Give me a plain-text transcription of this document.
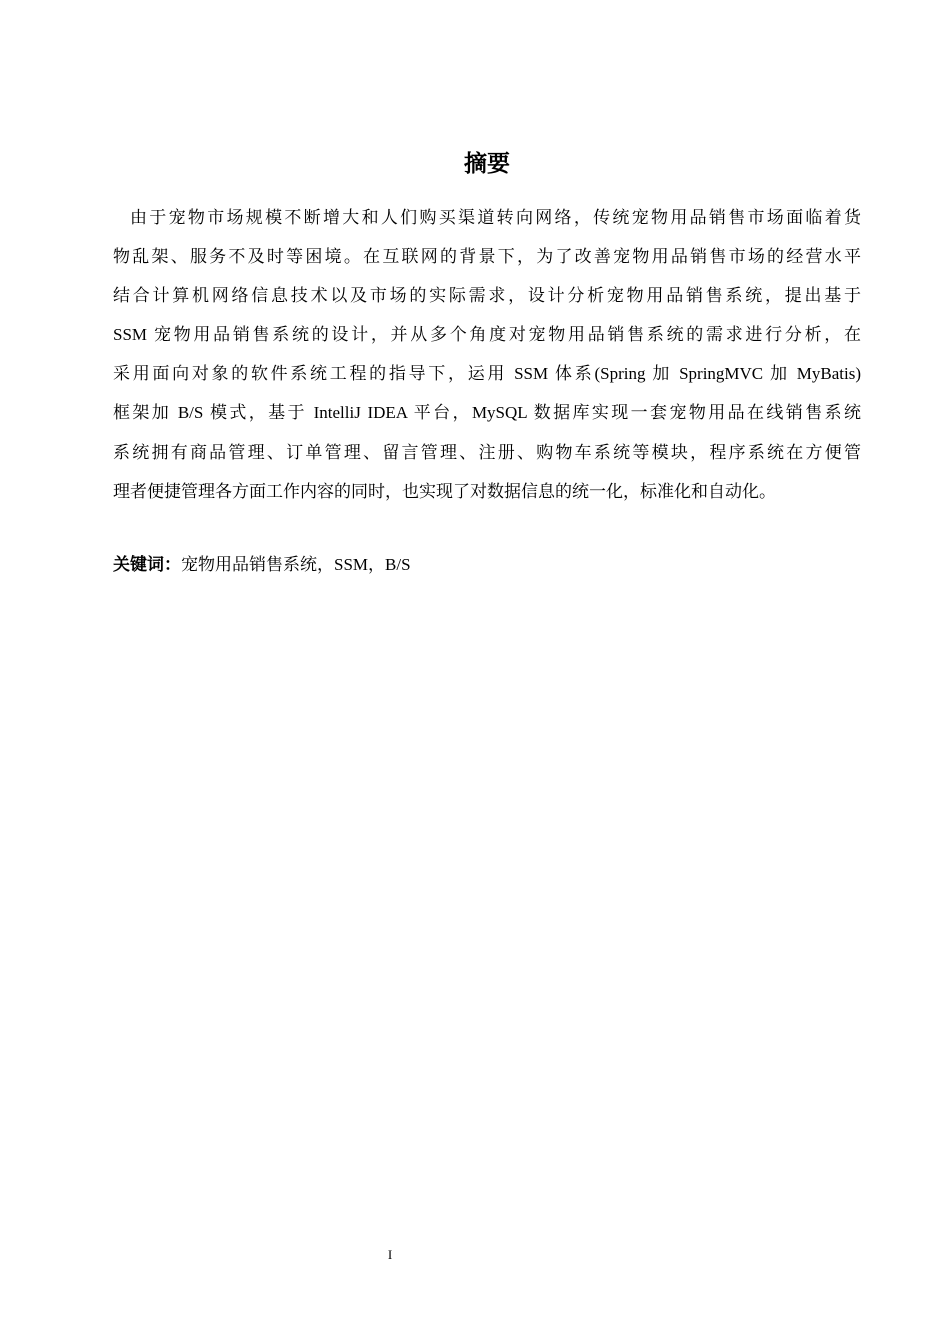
摘要
由于宠物市场规模不断增大和人们购买渠道转向网络，传统宠物用品销售市场面临着货
物乱架、服务不及时等困境。在互联网的背景下，为了改善宠物用品销售市场的经营水平
结合计算机网络信息技术以及市场的实际需求，设计分析宠物用品销售系统，提出基于
SSM 宠物用品销售系统的设计，并从多个角度对宠物用品销售系统的需求进行分析，在
采用面向对象的软件系统工程的指导下，运用 SSM 体系(Spring 加 SpringMVC 加 MyBatis)
框架加 B/S 模式，基于 IntelliJ IDEA 平台，MySQL 数据库实现一套宠物用品在线销售系统
系统拥有商品管理、订单管理、留言管理、注册、购物车系统等模块，程序系统在方便管
理者便捷管理各方面工作内容的同时，也实现了对数据信息的统一化，标准化和自动化。

关键词：宠物用品销售系统，SSM，B/S

I
